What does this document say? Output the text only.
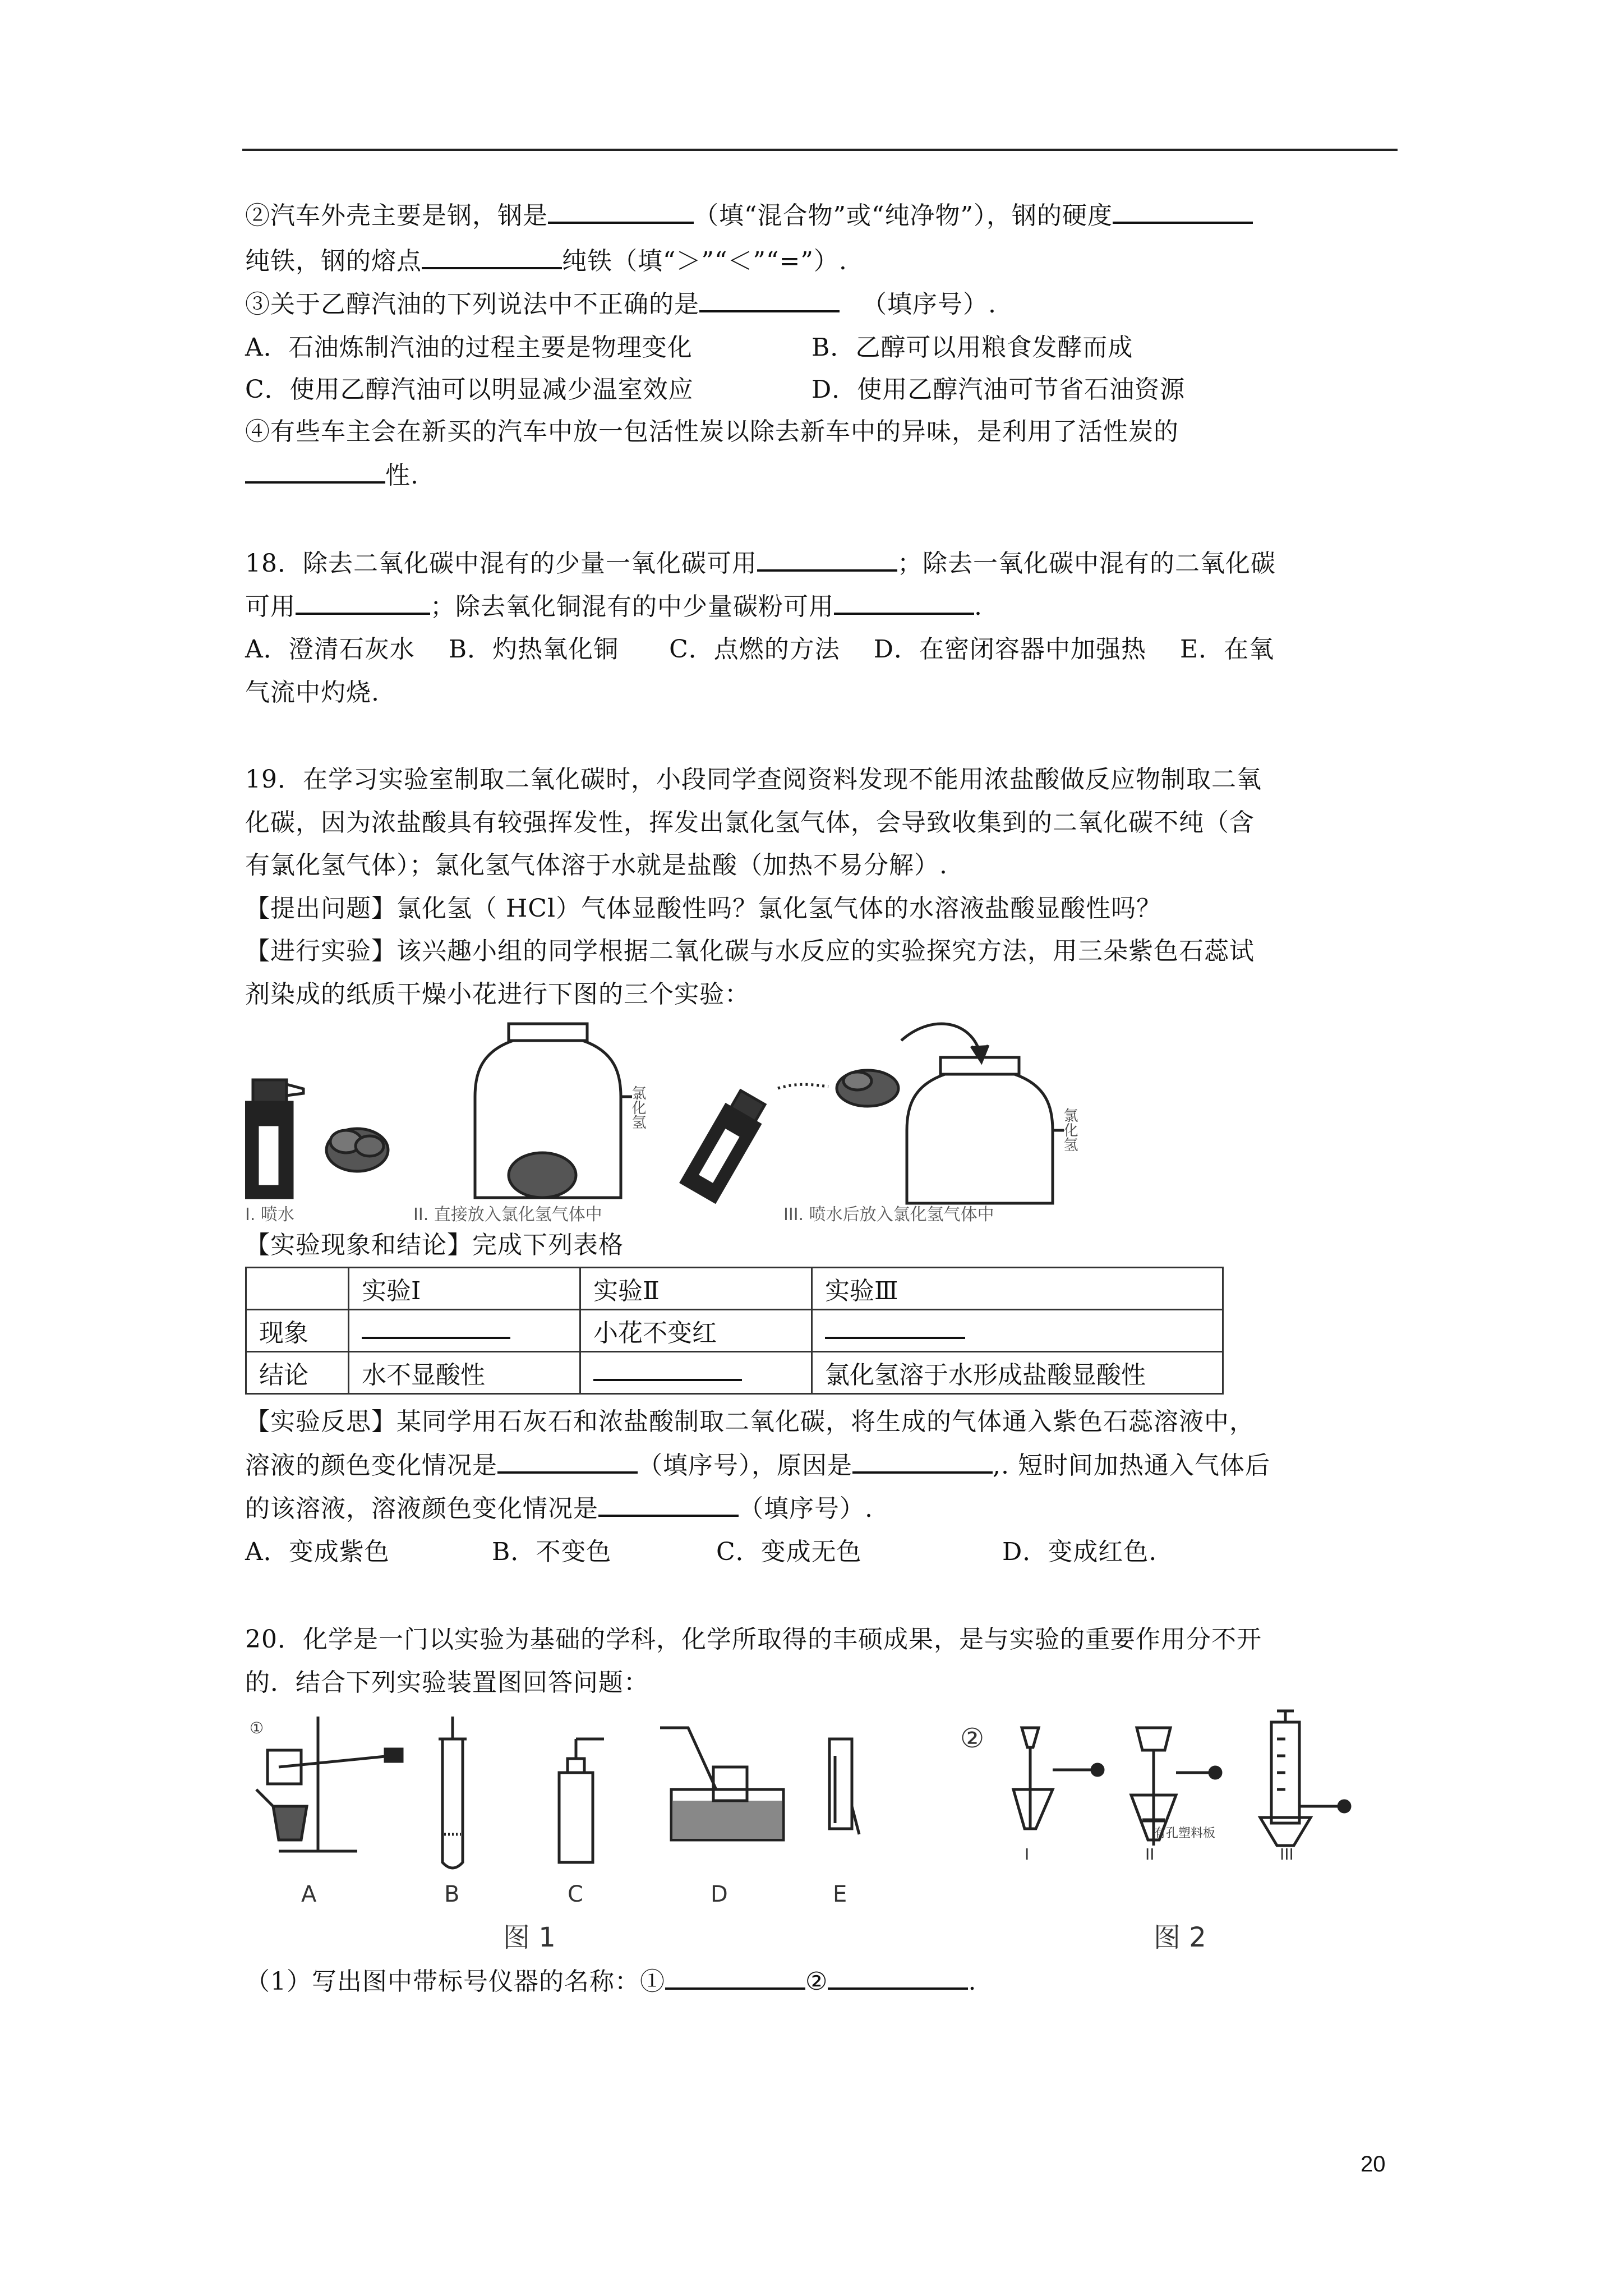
②汽车外壳主要是钢，钢是	（填“混合物”或“纯净物”），钢的硬度
纯铁，钢的熔点	纯铁（填“＞”“＜”“=”）.
③关于乙醇汽油的下列说法中不正确的是	（填序号）.
A．石油炼制汽油的过程主要是物理变化	B．乙醇可以用粮食发酵而成
C．使用乙醇汽油可以明显减少温室效应	D．使用乙醇汽油可节省石油资源
④有些车主会在新买的汽车中放一包活性炭以除去新车中的异味，是利用了活性炭的
性.
18．除去二氧化碳中混有的少量一氧化碳可用	；除去一氧化碳中混有的二氧化碳
可用	；除去氧化铜混有的中少量碳粉可用	.
A．澄清石灰水　 B．灼热氧化铜　　C．点燃的方法　 D．在密闭容器中加强热　 E．在氧
气流中灼烧.
19．在学习实验室制取二氧化碳时，小段同学查阅资料发现不能用浓盐酸做反应物制取二氧
化碳，因为浓盐酸具有较强挥发性，挥发出氯化氢气体，会导致收集到的二氧化碳不纯（含
有氯化氢气体）；氯化氢气体溶于水就是盐酸（加热不易分解）.
【提出问题】氯化氢（ HCl）气体显酸性吗？氯化氢气体的水溶液盐酸显酸性吗？
【进行实验】该兴趣小组的同学根据二氧化碳与水反应的实验探究方法，用三朵紫色石蕊试
剂染成的纸质干燥小花进行下图的三个实验：
氯化氢
氯化氢
I. 喷水	II. 直接放入氯化氢气体中	III. 喷水后放入氯化氢气体中
【实验现象和结论】完成下列表格
	实验Ⅰ	实验Ⅱ	实验Ⅲ
现象		小花不变红	
结论	水不显酸性		氯化氢溶于水形成盐酸显酸性
【实验反思】某同学用石灰石和浓盐酸制取二氧化碳，将生成的气体通入紫色石蕊溶液中，
溶液的颜色变化情况是	（填序号），原因是	,. 短时间加热通入气体后
的该溶液，溶液颜色变化情况是	（填序号）.
A．变成紫色	B．不变色	C．变成无色	D．变成红色.
20．化学是一门以实验为基础的学科，化学所取得的丰硕成果，是与实验的重要作用分不开
的．结合下列实验装置图回答问题：
①	②
有孔塑料板
A	B	C	D	E
I	II	III
图 1	图 2
（1）写出图中带标号仪器的名称：①	②	.
20
